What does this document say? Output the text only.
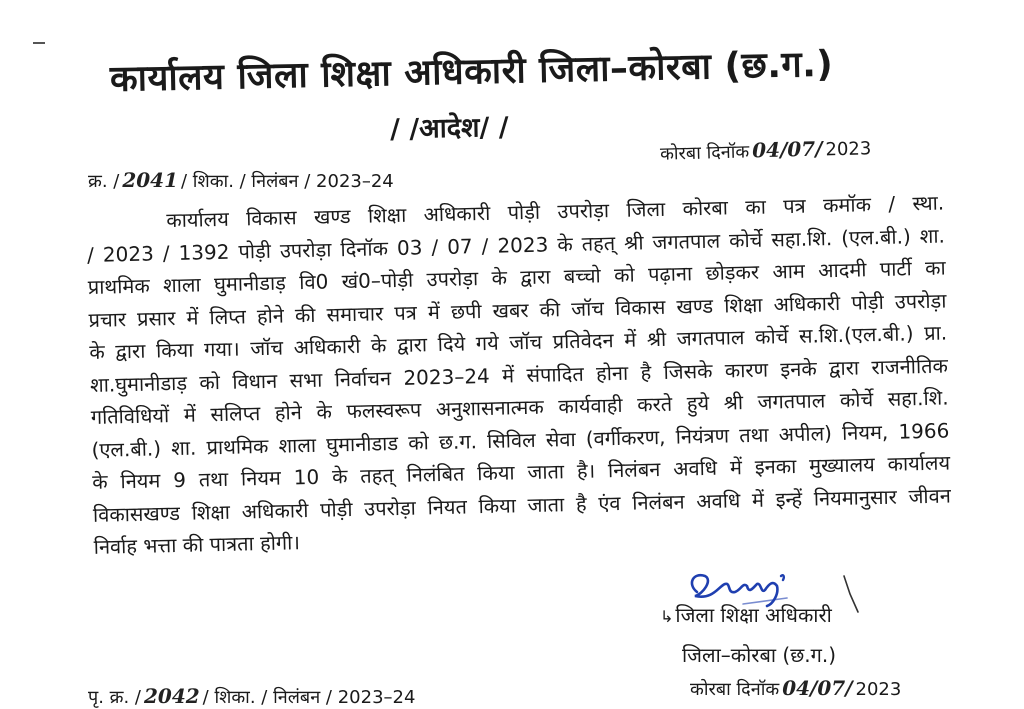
कार्यालय जिला शिक्षा अधिकारी जिला–कोरबा (छ.ग.)
/ /आदेश/ /
क्र. / 2041 / शिका. / निलंबन / 2023–24
कोरबा दिनॉक 04/07/ 2023
कार्यालय विकास खण्ड शिक्षा अधिकारी पोड़ी उपरोड़ा जिला कोरबा का पत्र कमॉक / स्था.
/ 2023 / 1392 पोड़ी उपरोड़ा दिनॉक 03 / 07 / 2023 के तहत् श्री जगतपाल कोर्चे सहा.शि. (एल.बी.) शा.
प्राथमिक शाला घुमानीडाड़ वि0 खं0–पोड़ी उपरोड़ा के द्वारा बच्चो को पढ़ाना छोड़कर आम आदमी पार्टी का
प्रचार प्रसार में लिप्त होने की समाचार पत्र में छपी खबर की जॉच विकास खण्ड शिक्षा अधिकारी पोड़ी उपरोड़ा
के द्वारा किया गया। जॉच अधिकारी के द्वारा दिये गये जॉच प्रतिवेदन में श्री जगतपाल कोर्चे स.शि.(एल.बी.) प्रा.
शा.घुमानीडाड़ को विधान सभा निर्वाचन 2023–24 में संपादित होना है जिसके कारण इनके द्वारा राजनीतिक
गतिविधियों में सलिप्त होने के फलस्वरूप अनुशासनात्मक कार्यवाही करते हुये श्री जगतपाल कोर्चे सहा.शि.
(एल.बी.) शा. प्राथमिक शाला घुमानीडाड को छ.ग. सिविल सेवा (वर्गीकरण, नियंत्रण तथा अपील) नियम, 1966
के नियम 9 तथा नियम 10 के तहत् निलंबित किया जाता है। निलंबन अवधि में इनका मुख्यालय कार्यालय
विकासखण्ड शिक्षा अधिकारी पोड़ी उपरोड़ा नियत किया जाता है एंव निलंबन अवधि में इन्हें नियमानुसार जीवन
निर्वाह भत्ता की पात्रता होगी।
↳ जिला शिक्षा अधिकारी
जिला–कोरबा (छ.ग.)
पृ. क्र. / 2042 / शिका. / निलंबन / 2023–24	कोरबा दिनॉक 04/07/ 2023
